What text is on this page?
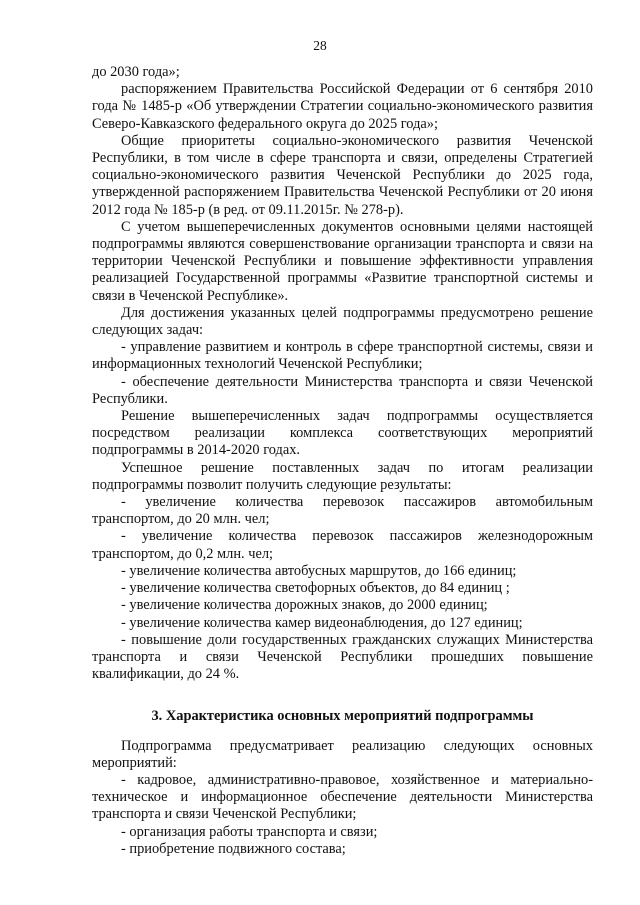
28

до 2030 года»;

распоряжением Правительства Российской Федерации от 6 сентября 2010 года № 1485-р «Об утверждении Стратегии социально-экономического развития Северо-Кавказского федерального округа до 2025 года»;

Общие приоритеты социально-экономического развития Чеченской Республики, в том числе в сфере транспорта и связи, определены Стратегией социально-экономического развития Чеченской Республики до 2025 года, утвержденной распоряжением Правительства Чеченской Республики от 20 июня 2012 года № 185-р (в ред. от 09.11.2015г. № 278-р).

С учетом вышеперечисленных документов основными целями настоящей подпрограммы являются совершенствование организации транспорта и связи на территории Чеченской Республики и повышение эффективности управления реализацией Государственной программы «Развитие транспортной системы и связи в Чеченской Республике».

Для достижения указанных целей подпрограммы предусмотрено решение следующих задач:

- управление развитием и контроль в сфере транспортной системы, связи и информационных технологий Чеченской Республики;

- обеспечение деятельности Министерства транспорта и связи Чеченской Республики.

Решение вышеперечисленных задач подпрограммы осуществляется посредством реализации комплекса соответствующих мероприятий подпрограммы в 2014-2020 годах.

Успешное решение поставленных задач по итогам реализации подпрограммы позволит получить следующие результаты:

- увеличение количества перевозок пассажиров автомобильным транспортом, до 20 млн. чел;

- увеличение количества перевозок пассажиров железнодорожным транспортом, до 0,2 млн. чел;

- увеличение количества автобусных маршрутов, до 166 единиц;

- увеличение количества светофорных объектов, до 84 единиц ;

- увеличение количества дорожных знаков, до 2000 единиц;

- увеличение количества камер видеонаблюдения, до 127 единиц;

- повышение доли государственных гражданских служащих Министерства транспорта и связи Чеченской Республики прошедших повышение квалификации, до 24 %.

3. Характеристика основных мероприятий подпрограммы

Подпрограмма предусматривает реализацию следующих основных мероприятий:

- кадровое, административно-правовое, хозяйственное и материально-техническое и информационное обеспечение деятельности Министерства транспорта и связи Чеченской Республики;

- организация работы транспорта и связи;

- приобретение подвижного состава;
